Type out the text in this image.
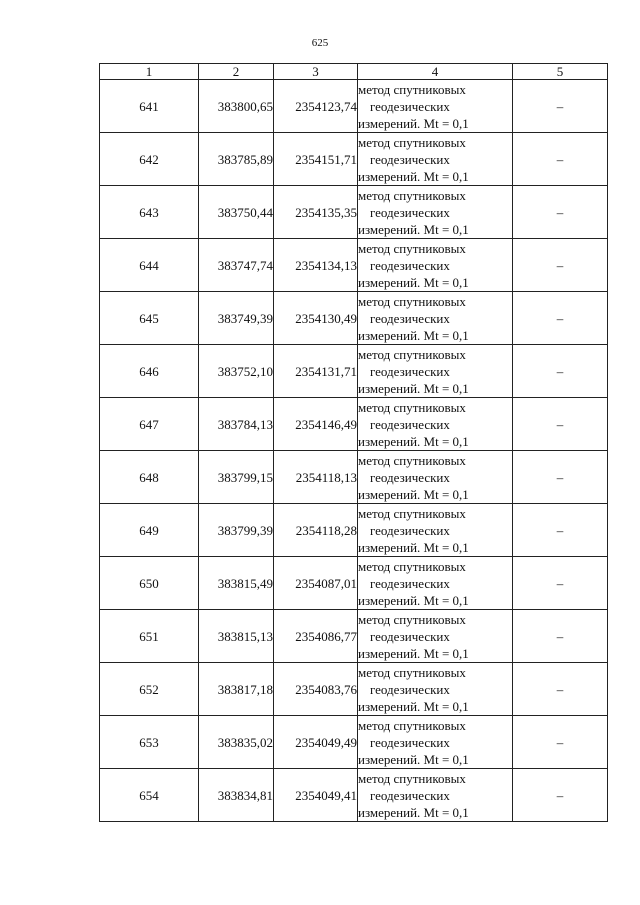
625
1	2	3	4	5
641	383800,65	2354123,74	метод спутниковых
геодезических
измерений. Mt = 0,1	–
642	383785,89	2354151,71	метод спутниковых
геодезических
измерений. Mt = 0,1	–
643	383750,44	2354135,35	метод спутниковых
геодезических
измерений. Mt = 0,1	–
644	383747,74	2354134,13	метод спутниковых
геодезических
измерений. Mt = 0,1	–
645	383749,39	2354130,49	метод спутниковых
геодезических
измерений. Mt = 0,1	–
646	383752,10	2354131,71	метод спутниковых
геодезических
измерений. Mt = 0,1	–
647	383784,13	2354146,49	метод спутниковых
геодезических
измерений. Mt = 0,1	–
648	383799,15	2354118,13	метод спутниковых
геодезических
измерений. Mt = 0,1	–
649	383799,39	2354118,28	метод спутниковых
геодезических
измерений. Mt = 0,1	–
650	383815,49	2354087,01	метод спутниковых
геодезических
измерений. Mt = 0,1	–
651	383815,13	2354086,77	метод спутниковых
геодезических
измерений. Mt = 0,1	–
652	383817,18	2354083,76	метод спутниковых
геодезических
измерений. Mt = 0,1	–
653	383835,02	2354049,49	метод спутниковых
геодезических
измерений. Mt = 0,1	–
654	383834,81	2354049,41	метод спутниковых
геодезических
измерений. Mt = 0,1	–
